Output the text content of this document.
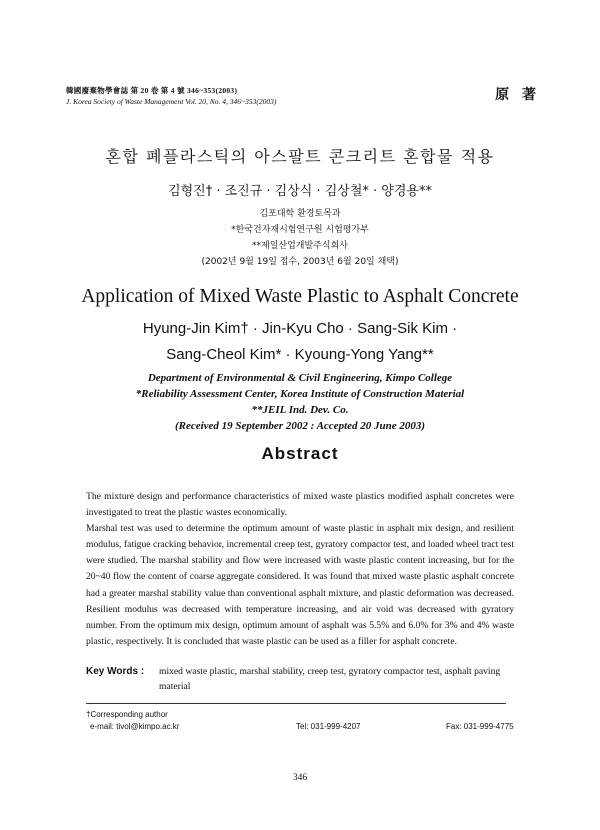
韓國廢棄物學會誌 第 20 卷 第 4 號 346~353(2003)
J. Korea Society of Waste Management Vol. 20, No. 4, 346~353(2003)	原 著
혼합 폐플라스틱의 아스팔트 콘크리트 혼합물 적용
김형진† · 조진규 · 김상식 · 김상철* · 양경용**
김포대학 환경토목과
*한국건자재시험연구원 시험평가부
**제일산업개발주식회사
(2002년 9월 19일 접수, 2003년 6월 20일 채택)
Application of Mixed Waste Plastic to Asphalt Concrete
Hyung-Jin Kim† · Jin-Kyu Cho · Sang-Sik Kim ·
Sang-Cheol Kim* · Kyoung-Yong Yang**
Department of Environmental & Civil Engineering, Kimpo College
*Reliability Assessment Center, Korea Institute of Construction Material
**JEIL Ind. Dev. Co.
(Received 19 September 2002 : Accepted 20 June 2003)
Abstract

The mixture design and performance characteristics of mixed waste plastics modified asphalt concretes were investigated to treat the plastic wastes economically.

Marshal test was used to determine the optimum amount of waste plastic in asphalt mix design, and resilient modulus, fatigue cracking behavior, incremental creep test, gyratory compactor test, and loaded wheel tract test were studied. The marshal stability and flow were increased with waste plastic content increasing, but for the 20~40 flow the content of coarse aggregate considered. It was found that mixed waste plastic asphalt concrete had a greater marshal stability value than conventional asphalt mixture, and plastic deformation was decreased. Resilient modulus was decreased with temperature increasing, and air void was decreased with gyratory number. From the optimum mix design, optimum amount of asphalt was 5.5% and 6.0% for 3% and 4% waste plastic, respectively. It is concluded that waste plastic can be used as a filler for asphalt concrete.

Key Words : mixed waste plastic, marshal stability, creep test, gyratory compactor test, asphalt paving material
†Corresponding author
e-mail: tivol@kimpo.ac.kr	Tel: 031-999-4207	Fax: 031-999-4775
346
